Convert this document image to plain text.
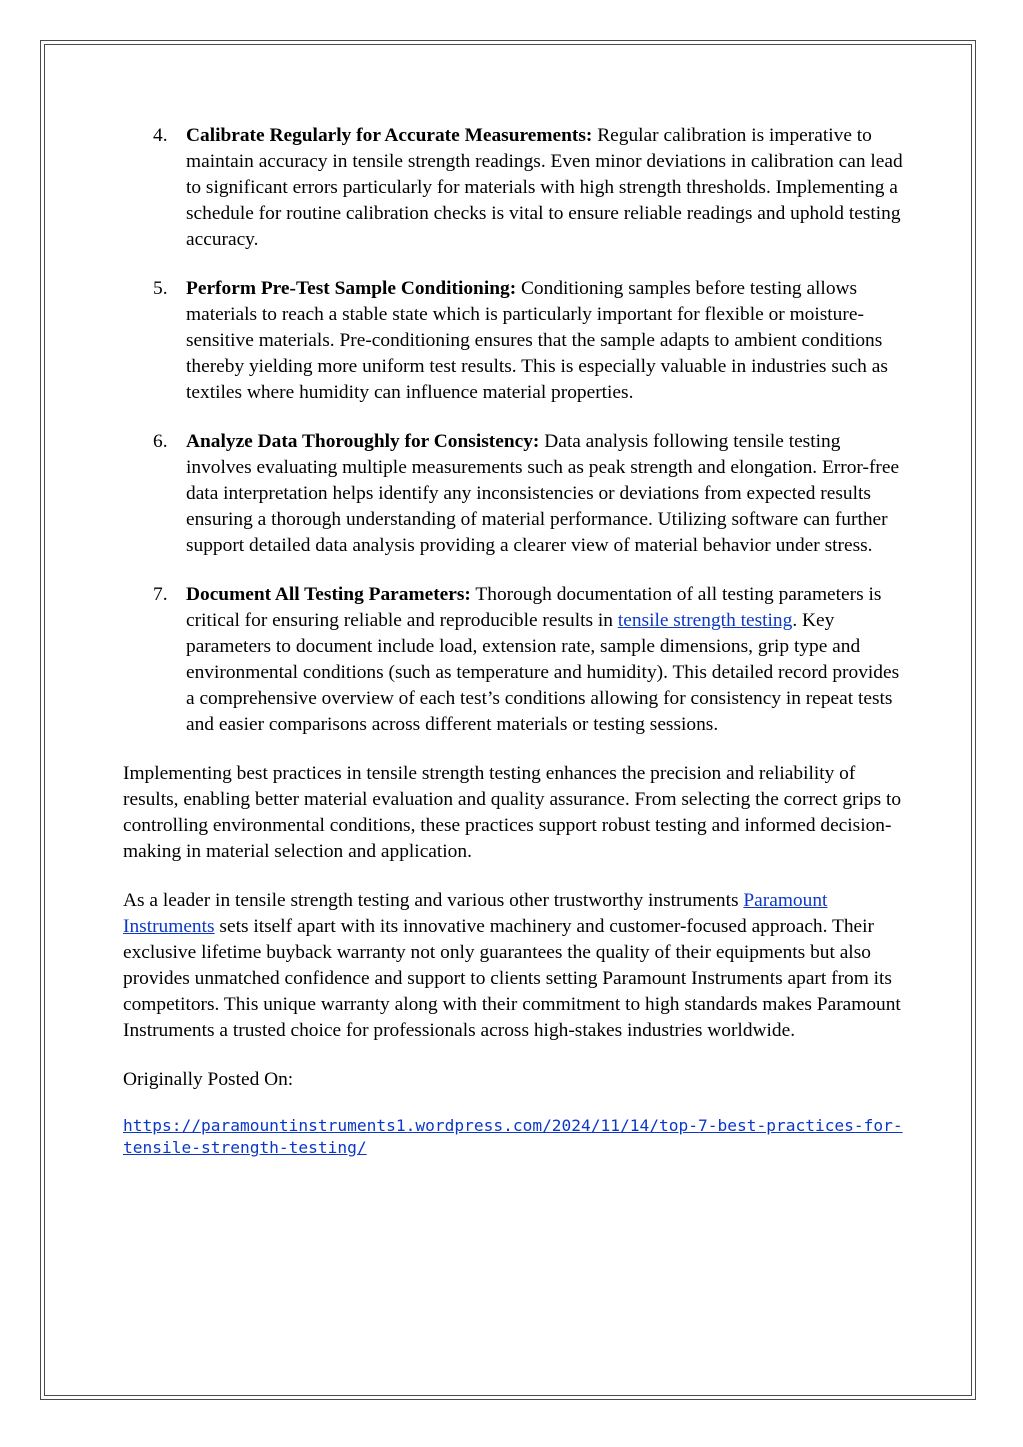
4. Calibrate Regularly for Accurate Measurements: Regular calibration is imperative to maintain accuracy in tensile strength readings. Even minor deviations in calibration can lead to significant errors particularly for materials with high strength thresholds. Implementing a schedule for routine calibration checks is vital to ensure reliable readings and uphold testing accuracy.
5. Perform Pre-Test Sample Conditioning: Conditioning samples before testing allows materials to reach a stable state which is particularly important for flexible or moisture-sensitive materials. Pre-conditioning ensures that the sample adapts to ambient conditions thereby yielding more uniform test results. This is especially valuable in industries such as textiles where humidity can influence material properties.
6. Analyze Data Thoroughly for Consistency: Data analysis following tensile testing involves evaluating multiple measurements such as peak strength and elongation. Error-free data interpretation helps identify any inconsistencies or deviations from expected results ensuring a thorough understanding of material performance. Utilizing software can further support detailed data analysis providing a clearer view of material behavior under stress.
7. Document All Testing Parameters: Thorough documentation of all testing parameters is critical for ensuring reliable and reproducible results in tensile strength testing. Key parameters to document include load, extension rate, sample dimensions, grip type and environmental conditions (such as temperature and humidity). This detailed record provides a comprehensive overview of each test’s conditions allowing for consistency in repeat tests and easier comparisons across different materials or testing sessions.

Implementing best practices in tensile strength testing enhances the precision and reliability of results, enabling better material evaluation and quality assurance. From selecting the correct grips to controlling environmental conditions, these practices support robust testing and informed decision-making in material selection and application.

As a leader in tensile strength testing and various other trustworthy instruments Paramount Instruments sets itself apart with its innovative machinery and customer-focused approach. Their exclusive lifetime buyback warranty not only guarantees the quality of their equipments but also provides unmatched confidence and support to clients setting Paramount Instruments apart from its competitors. This unique warranty along with their commitment to high standards makes Paramount Instruments a trusted choice for professionals across high-stakes industries worldwide.

Originally Posted On:

https://paramountinstruments1.wordpress.com/2024/11/14/top-7-best-practices-for-tensile-strength-testing/
